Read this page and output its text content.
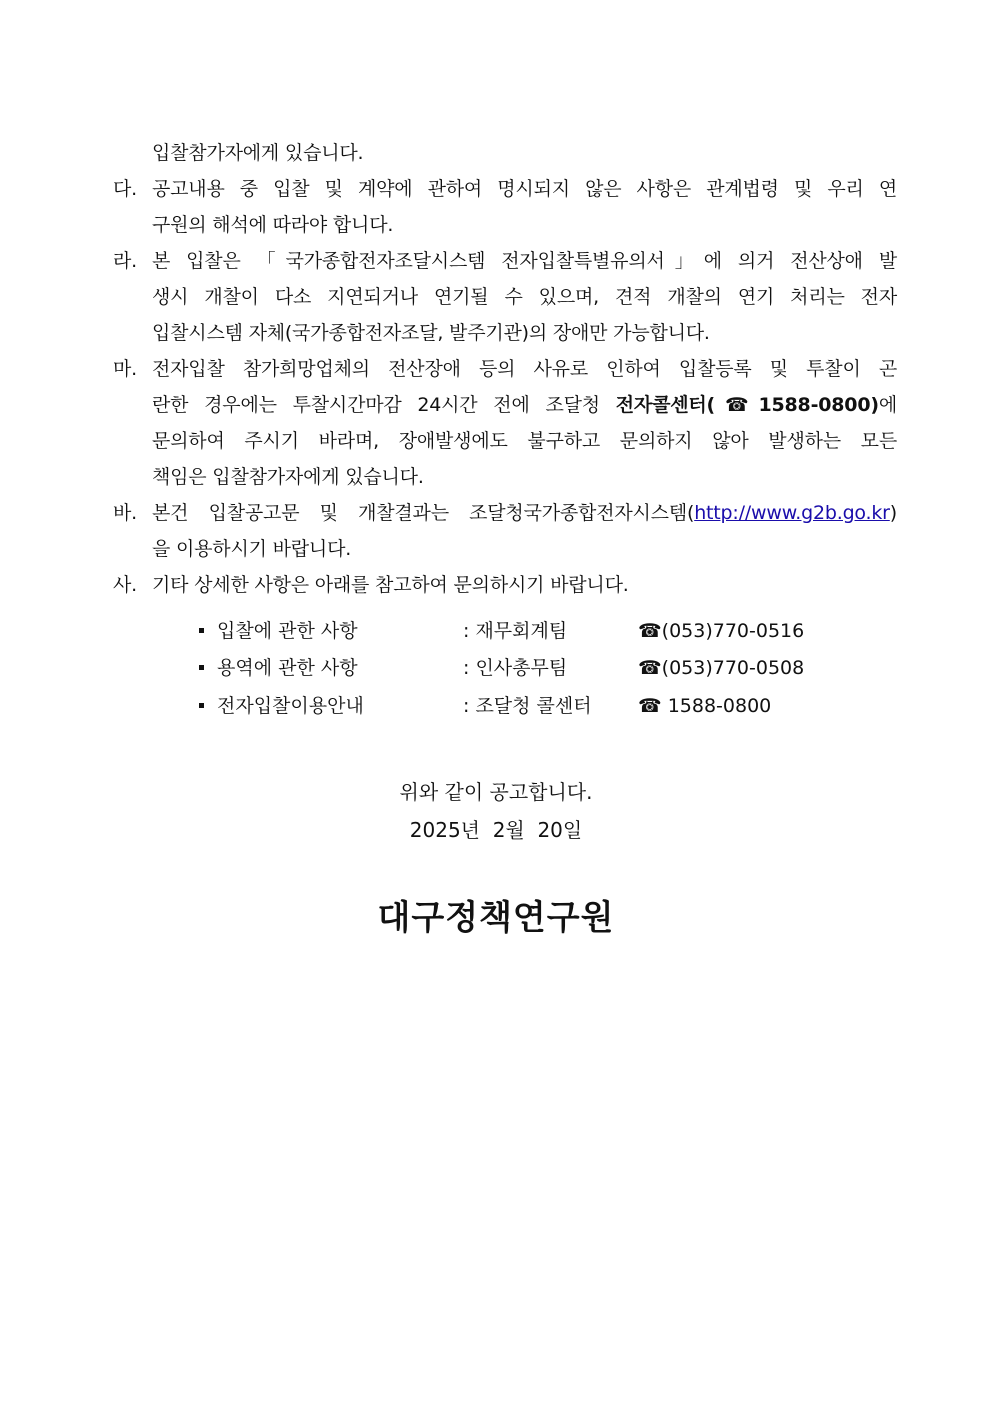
입찰참가자에게 있습니다.
다. 공고내용 중 입찰 및 계약에 관하여 명시되지 않은 사항은 관계법령 및 우리 연
구원의 해석에 따라야 합니다.
라. 본 입찰은 「국가종합전자조달시스템 전자입찰특별유의서」에 의거 전산상애 발
생시 개찰이 다소 지연되거나 연기될 수 있으며, 견적 개찰의 연기 처리는 전자
입찰시스템 자체(국가종합전자조달, 발주기관)의 장애만 가능합니다.
마. 전자입찰 참가희망업체의 전산장애 등의 사유로 인하여 입찰등록 및 투찰이 곤
란한 경우에는 투찰시간마감 24시간 전에 조달청 전자콜센터(☎1588-0800)에
문의하여 주시기 바라며, 장애발생에도 불구하고 문의하지 않아 발생하는 모든
책임은 입찰참가자에게 있습니다.
바. 본건 입찰공고문 및 개찰결과는 조달청국가종합전자시스템(http://www.g2b.go.kr)
을 이용하시기 바랍니다.
사. 기타 상세한 사항은 아래를 참고하여 문의하시기 바랍니다.
입찰에 관한 사항	: 재무회계팀	☎(053)770-0516
용역에 관한 사항	: 인사총무팀	☎(053)770-0508
전자입찰이용안내	: 조달청 콜센터 ☎ 1588-0800
위와 같이 공고합니다.
2025년  2월  20일
대구정책연구원
